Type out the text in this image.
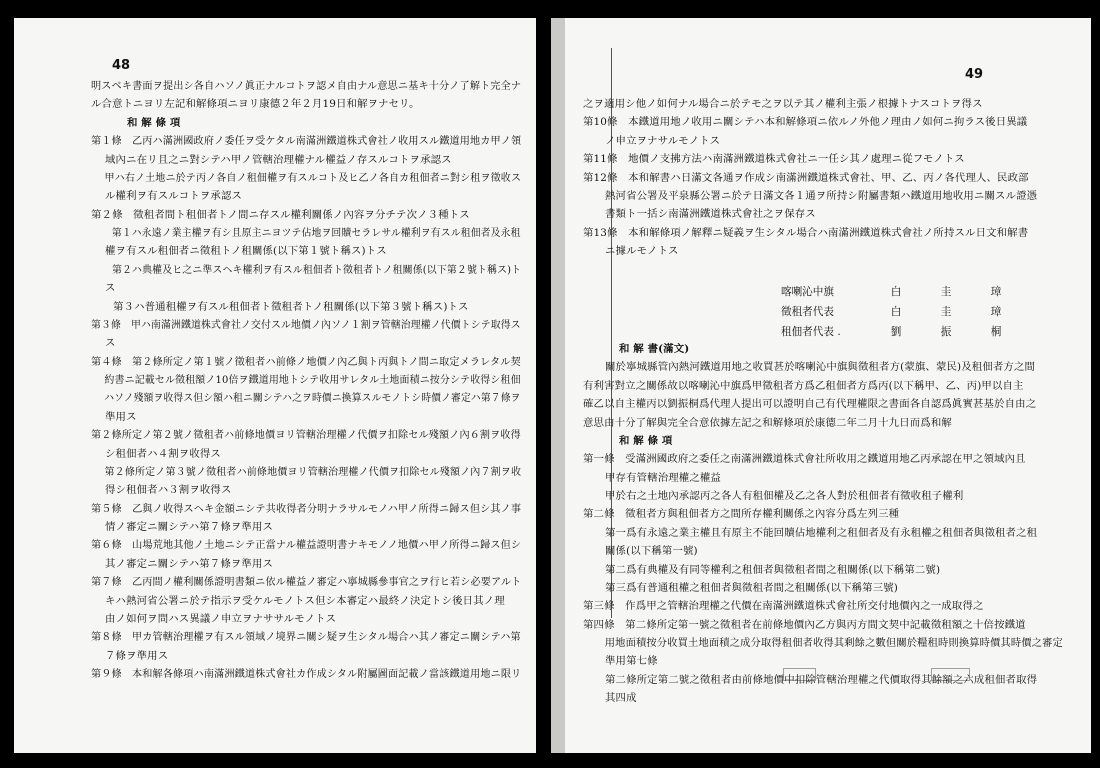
48
明スベキ書面ヲ提出シ各自ハソノ眞正ナルコトヲ認メ自由ナル意思ニ基キ十分ノ了解ト完全ナ
ル合意トニヨリ左記和解條項ニヨリ康德２年２月19日和解ヲナセリ。
和 解 條 項
第１條　乙丙ハ滿洲國政府ノ委任ヲ受ケタル南滿洲鐵道株式會社ノ收用スル鐵道用地カ甲ノ領
域內ニ在リ且之ニ對シテハ甲ノ管轄治理權ナル權益ノ存スルコトヲ承認ス
甲ハ右ノ土地ニ於テ丙ノ各自ノ租佃權ヲ有スルコト及ヒ乙ノ各自カ租佃者ニ對シ租ヲ徵收ス
ル權利ヲ有スルコトヲ承認ス
第２條　徵租者間ト租佃者トノ間ニ存スル權利關係ノ內容ヲ分チテ次ノ３種トス
第１ハ永遠ノ業主權ヲ有シ且原主ニヨツテ佔地ヲ回贖セラレサル權利ヲ有スル租佃者及永租
權ヲ有スル租佃者ニ徵租トノ租關係(以下第１號ト稱ス)トス
第２ハ典權及ヒ之ニ準スヘキ權利ヲ有スル租佃者ト徵租者トノ租關係(以下第２號ト稱ス)ト
ス
第３ハ普通租權ヲ有スル租佃者ト徵租者トノ租關係(以下第３號ト稱ス)トス
第３條　甲ハ南滿洲鐵道株式會社ノ交付スル地價ノ內ソノ１割ヲ管轄治理權ノ代價トシテ取得ス
ス
第４條　第２條所定ノ第１號ノ徵租者ハ前條ノ地價ノ內乙與ト丙與トノ間ニ取定メラレタル契
約書ニ記載セル徵租額ノ10倍ヲ鐵道用地トシテ收用サレタル土地面積ニ按分シテ收得シ租佃
ハソノ殘額ヲ收得ス但シ額ハ租ニ關シテハ之ヲ時價ニ換算スルモノトシ時價ノ審定ハ第７條ヲ
準用ス
第２條所定ノ第２號ノ徵租者ハ前條地價ヨリ管轄治理權ノ代價ヲ扣除セル殘額ノ內６割ヲ收得
シ租佃者ハ４割ヲ收得ス
第２條所定ノ第３號ノ徵租者ハ前條地價ヨリ管轄治理權ノ代價ヲ扣除セル殘額ノ內７割ヲ收
得シ租佃者ハ３割ヲ收得ス
第５條　乙與ノ收得スヘキ金額ニシテ共收得者分明ナラサルモノハ甲ノ所得ニ歸ス但シ其ノ事
情ノ審定ニ關シテハ第７條ヲ準用ス
第６條　山場荒地其他ノ土地ニシテ正當ナル權益證明書ナキモノノ地價ハ甲ノ所得ニ歸ス但シ
其ノ審定ニ關シテハ第７條ヲ準用ス
第７條　乙丙間ノ權利關係證明書類ニ依ル權益ノ審定ハ寧城縣參事官之ヲ行ヒ若シ必要アルト
キハ熱河省公署ニ於テ指示ヲ受ケルモノトス但シ本審定ハ最終ノ決定トシ後日其ノ理
由ノ如何ヲ問ハス異議ノ申立ヲナササルモノトス
第８條　甲カ管轄治理權ヲ有スル領域ノ境界ニ關シ疑ヲ生シタル場合ハ其ノ審定ニ關シテハ第
７條ヲ準用ス
第９條　本和解各條項ハ南滿洲鐵道株式會社カ作成シタル附屬圖面記載ノ當該鐵道用地ニ限リ
49
之ヲ適用シ他ノ如何ナル場合ニ於テモ之ヲ以テ其ノ權利主張ノ根據トナスコトヲ得ス
第10條　本鐵道用地ノ收用ニ關シテハ本和解條項ニ依ルノ外他ノ理由ノ如何ニ拘ラス後日異議
ノ申立ヲナサルモノトス
第11條　地價ノ支拂方法ハ南滿洲鐵道株式會社ニ一任シ其ノ處理ニ從フモノトス
第12條　本和解書ハ日滿文各通ヲ作成シ南滿洲鐵道株式會社、甲、乙、丙ノ各代理人、民政部
熱河省公署及平泉縣公署ニ於テ日滿文各１通ヲ所持シ附屬書類ハ鐵道用地收用ニ關スル證憑
書類ト一括シ南滿洲鐵道株式會社之ヲ保存ス
第13條　本和解條項ノ解釋ニ疑義ヲ生シタル場合ハ南滿洲鐵道株式會社ノ所持スル日文和解書
ニ據ルモノトス
喀喇沁中旗	白	圭	璋
徵租者代表	白	圭	璋
租佃者代表 .	劉	振	桐
和 解 書(滿文)
關於寧城縣管內熱河鐵道用地之收買甚於喀喇沁中旗與徵租者方(蒙旗、蒙民)及租佃者方之間
有利害對立之關係故以喀喇沁中旗爲甲徵租者方爲乙租佃者方爲丙(以下稱甲、乙、丙)甲以自主
確乙以自主權丙以劉振桐爲代理人提出可以證明自己有代理權限之書面各自認爲眞實甚基於自由之
意思由十分了解與完全合意依據左記之和解條項於康德二年二月十九日而爲和解
和 解 條 項
第一條　受滿洲國政府之委任之南滿洲鐵道株式會社所收用之鐵道用地乙丙承認在甲之領域內且
甲存有管轄治理權之權益
甲於右之土地內承認丙之各人有租佃權及乙之各人對於租佃者有徵收租子權利
第二條　徵租者方與租佃者方之間所存權利關係之內容分爲左列三種
第一爲有永遠之業主權且有原主不能回贖佔地權利之租佃者及有永租權之租佃者與徵租者之租
關係(以下稱第一號)
第二爲有典權及有同等權利之租佃者與徵租者間之租關係(以下稱第二號)
第三爲有普通租權之租佃者與徵租者間之租關係(以下稱第三號)
第三條　作爲甲之管轄治理權之代價在南滿洲鐵道株式會社所交付地價內之一成取得之
第四條　第二條所定第一號之徵租者在前條地價內乙方與丙方間文契中記載徵租額之十倍按鐵道
用地面積按分收買土地面積之成分取得租佃者收得其剩餘之數但關於糧租時則換算時價其時價之審定
準用第七條
第二條所定第二號之徵租者由前條地價中扣除管轄治理權之代價取得其餘額之六成租佃者取得
其四成
